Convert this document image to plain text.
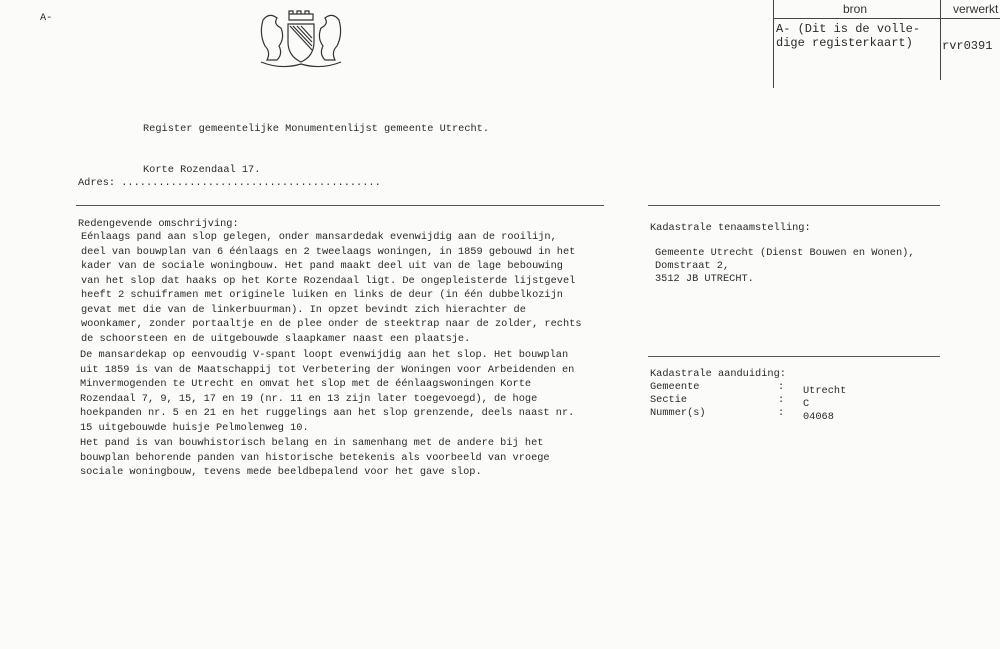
A-
bron	verwerkt
A- (Dit is de volle-
dige registerkaart) rvr0391
Register gemeentelijke Monumentenlijst gemeente Utrecht.
Korte Rozendaal 17.
Adres: ..........................................
Redengevende omschrijving:
Eénlaags pand aan slop gelegen, onder mansardedak evenwijdig aan de rooilijn,
deel van bouwplan van 6 éénlaags en 2 tweelaags woningen, in 1859 gebouwd in het
kader van de sociale woningbouw. Het pand maakt deel uit van de lage bebouwing
van het slop dat haaks op het Korte Rozendaal ligt. De ongepleisterde lijstgevel
heeft 2 schuiframen met originele luiken en links de deur (in één dubbelkozijn
gevat met die van de linkerbuurman). In opzet bevindt zich hierachter de
woonkamer, zonder portaaltje en de plee onder de steektrap naar de zolder, rechts
de schoorsteen en de uitgebouwde slaapkamer naast een plaatsje.
De mansardekap op eenvoudig V-spant loopt evenwijdig aan het slop. Het bouwplan
uit 1859 is van de Maatschappij tot Verbetering der Woningen voor Arbeidenden en
Minvermogenden te Utrecht en omvat het slop met de éénlaagswoningen Korte
Rozendaal 7, 9, 15, 17 en 19 (nr. 11 en 13 zijn later toegevoegd), de hoge
hoekpanden nr. 5 en 21 en het ruggelings aan het slop grenzende, deels naast nr.
15 uitgebouwde huisje Pelmolenweg 10.
Het pand is van bouwhistorisch belang en in samenhang met de andere bij het
bouwplan behorende panden van historische betekenis als voorbeeld van vroege
sociale woningbouw, tevens mede beeldbepalend voor het gave slop.
Kadastrale tenaamstelling:
Gemeente Utrecht (Dienst Bouwen en Wonen),
Domstraat 2,
3512 JB UTRECHT.
Kadastrale aanduiding:
Gemeente	: Utrecht
Sectie	: C
Nummer(s)	: 04068
